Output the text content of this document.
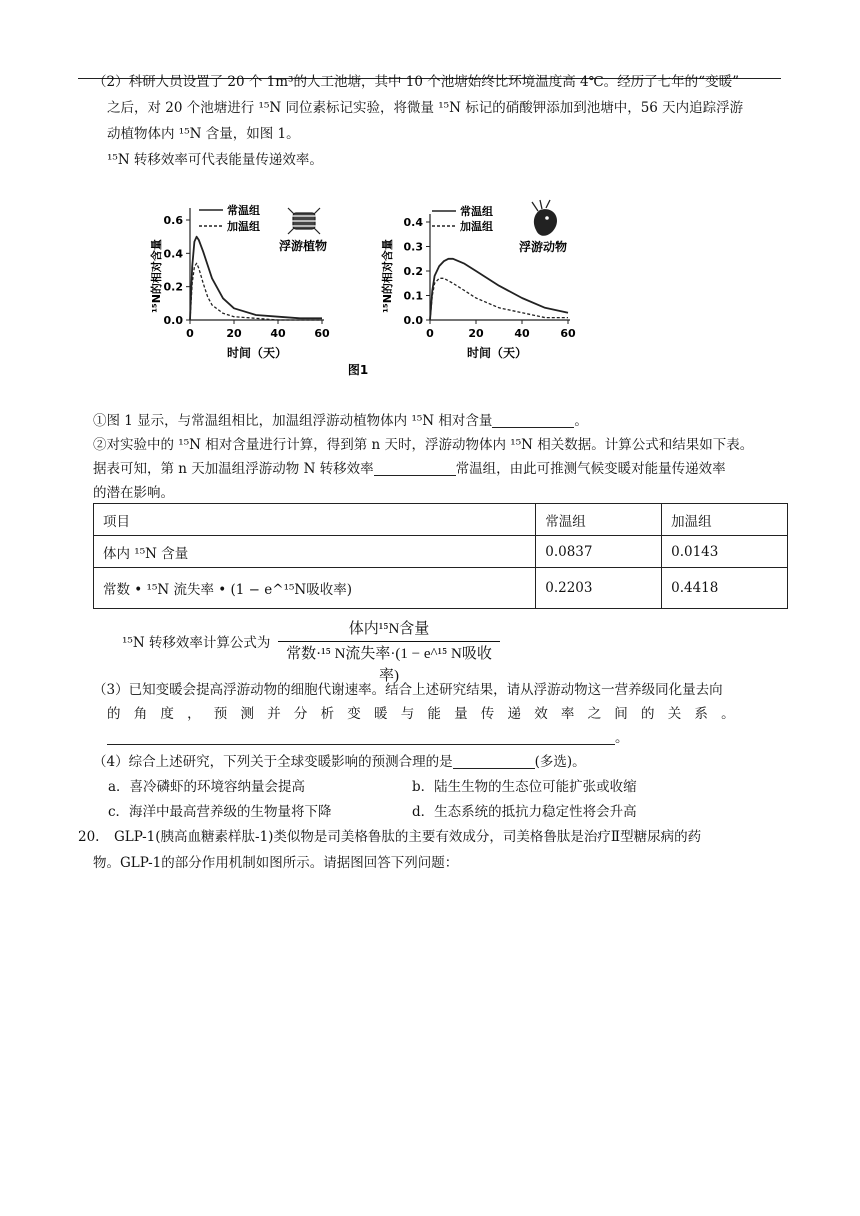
（2）科研人员设置了 20 个 1m³的人工池塘，其中 10 个池塘始终比环境温度高 4℃。经历了七年的“变暖”
之后，对 20 个池塘进行 ¹⁵N 同位素标记实验，将微量 ¹⁵N 标记的硝酸钾添加到池塘中，56 天内追踪浮游
动植物体内 ¹⁵N 含量，如图 1。
¹⁵N 转移效率可代表能量传递效率。
¹⁵N的相对含量
0	20	40	60
0.0
0.2
0.4
0.6
时间（天）
常温组
加温组
浮游植物	¹⁵N的相对含量
0	20	40	60
0.0
0.1
0.2
0.3
0.4
时间（天）
常温组
加温组
浮游动物
图1
①图 1 显示，与常温组相比，加温组浮游动植物体内 ¹⁵N 相对含量	。
②对实验中的 ¹⁵N 相对含量进行计算，得到第 n 天时，浮游动物体内 ¹⁵N 相关数据。计算公式和结果如下表。
据表可知，第 n 天加温组浮游动物 N 转移效率	常温组，由此可推测气候变暖对能量传递效率
的潜在影响。
项目	常温组	加温组
体内 ¹⁵N 含量	0.0837	0.0143
常数 • ¹⁵N 流失率 • (1 − e^¹⁵N吸收率)	0.2203	0.4418
¹⁵N 转移效率计算公式为
体内¹⁵N含量
常数·¹⁵ N流失率·(1 − e^¹⁵ N吸收率)
（3）已知变暖会提高浮游动物的细胞代谢速率。结合上述研究结果，请从浮游动物这一营养级同化量去向
的角度，预测并分析变暖与能量传递效率之间的关系。
。
（4）综合上述研究，下列关于全球变暖影响的预测合理的是	(多选)。
a．喜冷磷虾的环境容纳量会提高	b．陆生生物的生态位可能扩张或收缩
c．海洋中最高营养级的生物量将下降	d．生态系统的抵抗力稳定性将会升高
20. GLP-1(胰高血糖素样肽-1)类似物是司美格鲁肽的主要有效成分，司美格鲁肽是治疗Ⅱ型糖尿病的药
物。GLP-1的部分作用机制如图所示。请据图回答下列问题：
